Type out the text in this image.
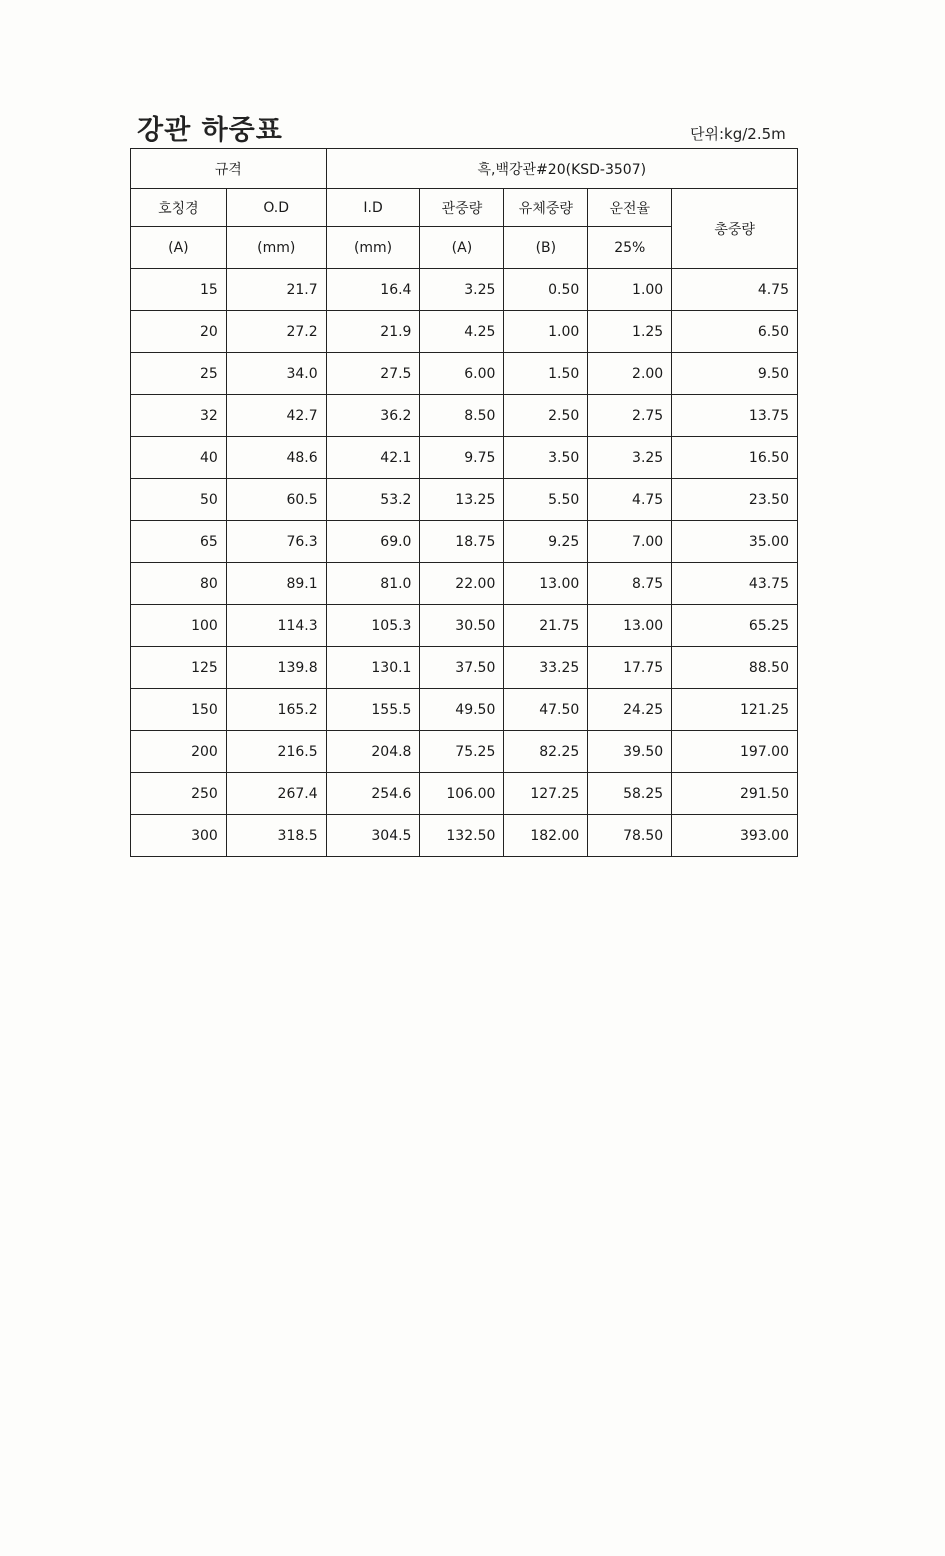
강관 하중표	단위:kg/2.5m
규격		흑,백강관#20(KSD-3507)				
호칭경	O.D	I.D	관중량	유체중량	운전율	총중량
(A)	(mm)	(mm)	(A)	(B)	25%	
15	21.7	16.4	3.25	0.50	1.00	4.75
20	27.2	21.9	4.25	1.00	1.25	6.50
25	34.0	27.5	6.00	1.50	2.00	9.50
32	42.7	36.2	8.50	2.50	2.75	13.75
40	48.6	42.1	9.75	3.50	3.25	16.50
50	60.5	53.2	13.25	5.50	4.75	23.50
65	76.3	69.0	18.75	9.25	7.00	35.00
80	89.1	81.0	22.00	13.00	8.75	43.75
100	114.3	105.3	30.50	21.75	13.00	65.25
125	139.8	130.1	37.50	33.25	17.75	88.50
150	165.2	155.5	49.50	47.50	24.25	121.25
200	216.5	204.8	75.25	82.25	39.50	197.00
250	267.4	254.6	106.00	127.25	58.25	291.50
300	318.5	304.5	132.50	182.00	78.50	393.00
